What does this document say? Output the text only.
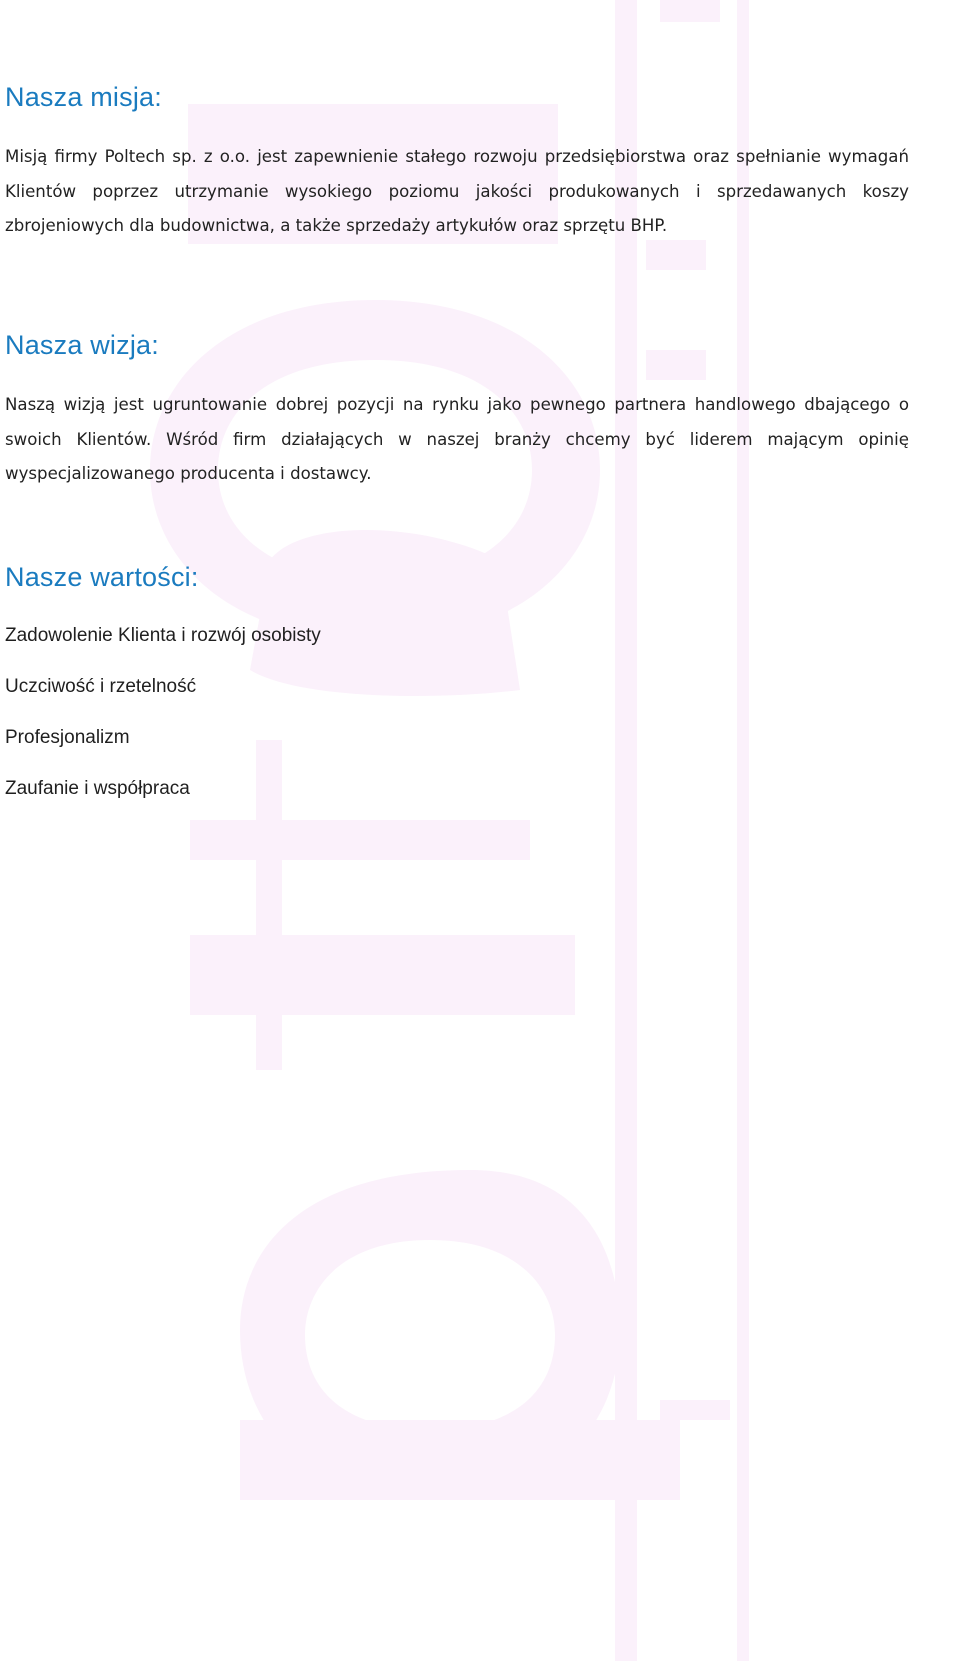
Nasza misja:

Misją firmy Poltech sp. z o.o. jest zapewnienie stałego rozwoju przedsiębiorstwa oraz spełnianie wymagań Klientów poprzez utrzymanie wysokiego poziomu jakości produkowanych i sprzedawanych koszy zbrojeniowych dla budownictwa, a także sprzedaży artykułów oraz sprzętu BHP.

Nasza wizja:

Naszą wizją jest ugruntowanie dobrej pozycji na rynku jako pewnego partnera handlowego dbającego o swoich Klientów. Wśród firm działających w naszej branży chcemy być liderem mającym opinię wyspecjalizowanego producenta i dostawcy.

Nasze wartości:

Zadowolenie Klienta i rozwój osobisty

Uczciwość i rzetelność

Profesjonalizm

Zaufanie i współpraca
